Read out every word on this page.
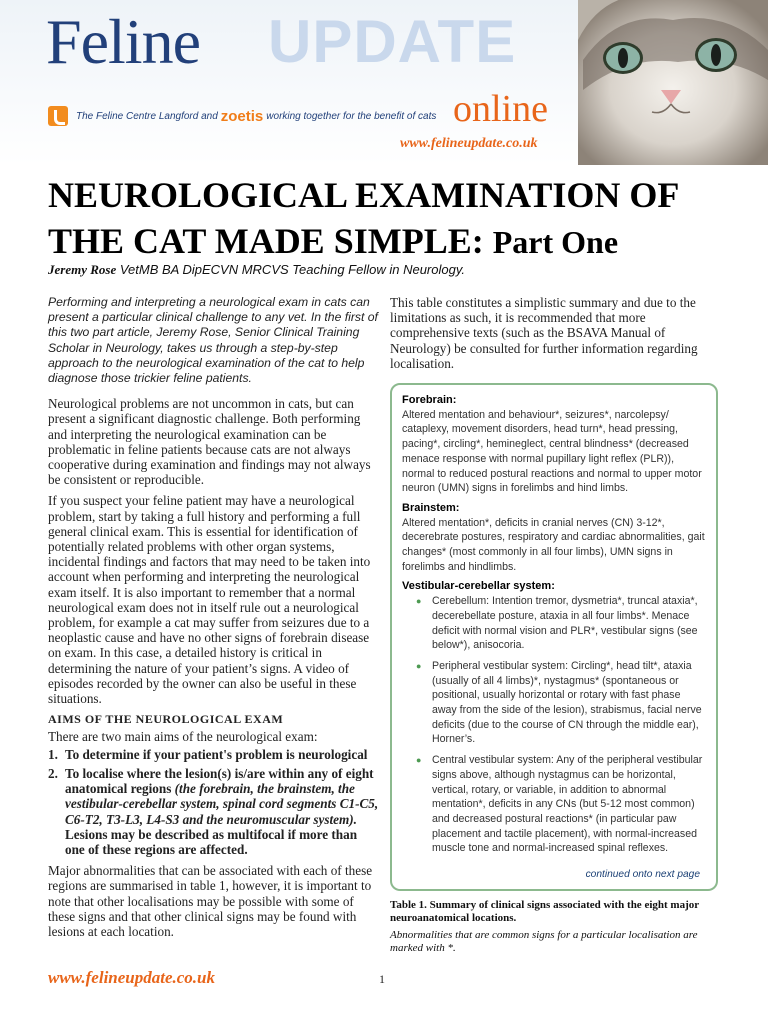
Feline UPDATE
The Feline Centre Langford and zoetis working together for the benefit of cats online
www.felineupdate.co.uk
NEUROLOGICAL EXAMINATION OF
THE CAT MADE SIMPLE: Part One
Jeremy Rose VetMB BA DipECVN MRCVS Teaching Fellow in Neurology.

Performing and interpreting a neurological exam in cats can present a particular clinical challenge to any vet. In the first of this two part article, Jeremy Rose, Senior Clinical Training Scholar in Neurology, takes us through a step-by-step approach to the neurological examination of the cat to help diagnose those trickier feline patients.

Neurological problems are not uncommon in cats, but can present a significant diagnostic challenge. Both performing and interpreting the neurological examination can be problematic in feline patients because cats are not always cooperative during examination and findings may not always be consistent or reproducible.

If you suspect your feline patient may have a neurological problem, start by taking a full history and performing a full general clinical exam. This is essential for identification of potentially related problems with other organ systems, incidental findings and factors that may need to be taken into account when performing and interpreting the neurological exam itself. It is also important to remember that a normal neurological exam does not in itself rule out a neurological problem, for example a cat may suffer from seizures due to a neoplastic cause and have no other signs of forebrain disease on exam. In this case, a detailed history is critical in determining the nature of your patient’s signs. A video of episodes recorded by the owner can also be useful in these situations.

AIMS OF THE NEUROLOGICAL EXAM

There are two main aims of the neurological exam:

1. To determine if your patient's problem is neurological
2. To localise where the lesion(s) is/are within any of eight anatomical regions (the forebrain, the brainstem, the vestibular-cerebellar system, spinal cord segments C1-C5, C6-T2, T3-L3, L4-S3 and the neuromuscular system). Lesions may be described as multifocal if more than one of these regions are affected.

Major abnormalities that can be associated with each of these regions are summarised in table 1, however, it is important to note that other localisations may be possible with some of these signs and that other clinical signs may be found with lesions at each location.

This table constitutes a simplistic summary and due to the limitations as such, it is recommended that more comprehensive texts (such as the BSAVA Manual of Neurology) be consulted for further information regarding localisation.

Forebrain:

Altered mentation and behaviour*, seizures*, narcolepsy/ cataplexy, movement disorders, head turn*, head pressing, pacing*, circling*, hemineglect, central blindness* (decreased menace response with normal pupillary light reflex (PLR)), normal to reduced postural reactions and normal to upper motor neuron (UMN) signs in forelimbs and hind limbs.

Brainstem:

Altered mentation*, deficits in cranial nerves (CN) 3-12*, decerebrate postures, respiratory and cardiac abnormalities, gait changes* (most commonly in all four limbs), UMN signs in forelimbs and hindlimbs.

Vestibular-cerebellar system:
● Cerebellum: Intention tremor, dysmetria*, truncal ataxia*, decerebellate posture, ataxia in all four limbs*. Menace deficit with normal vision and PLR*, vestibular signs (see below*), anisocoria.
● Peripheral vestibular system: Circling*, head tilt*, ataxia (usually of all 4 limbs)*, nystagmus* (spontaneous or positional, usually horizontal or rotary with fast phase away from the side of the lesion), strabismus, facial nerve deficits (due to the course of CN through the middle ear), Horner’s.
● Central vestibular system: Any of the peripheral vestibular signs above, although nystagmus can be horizontal, vertical, rotary, or variable, in addition to abnormal mentation*, deficits in any CNs (but 5-12 most common) and decreased postural reactions* (in particular paw placement and tactile placement), with normal-increased muscle tone and normal-increased spinal reflexes.
continued onto next page

Table 1. Summary of clinical signs associated with the eight major neuroanatomical locations.

Abnormalities that are common signs for a particular localisation are marked with *.

www.felineupdate.co.uk	1
